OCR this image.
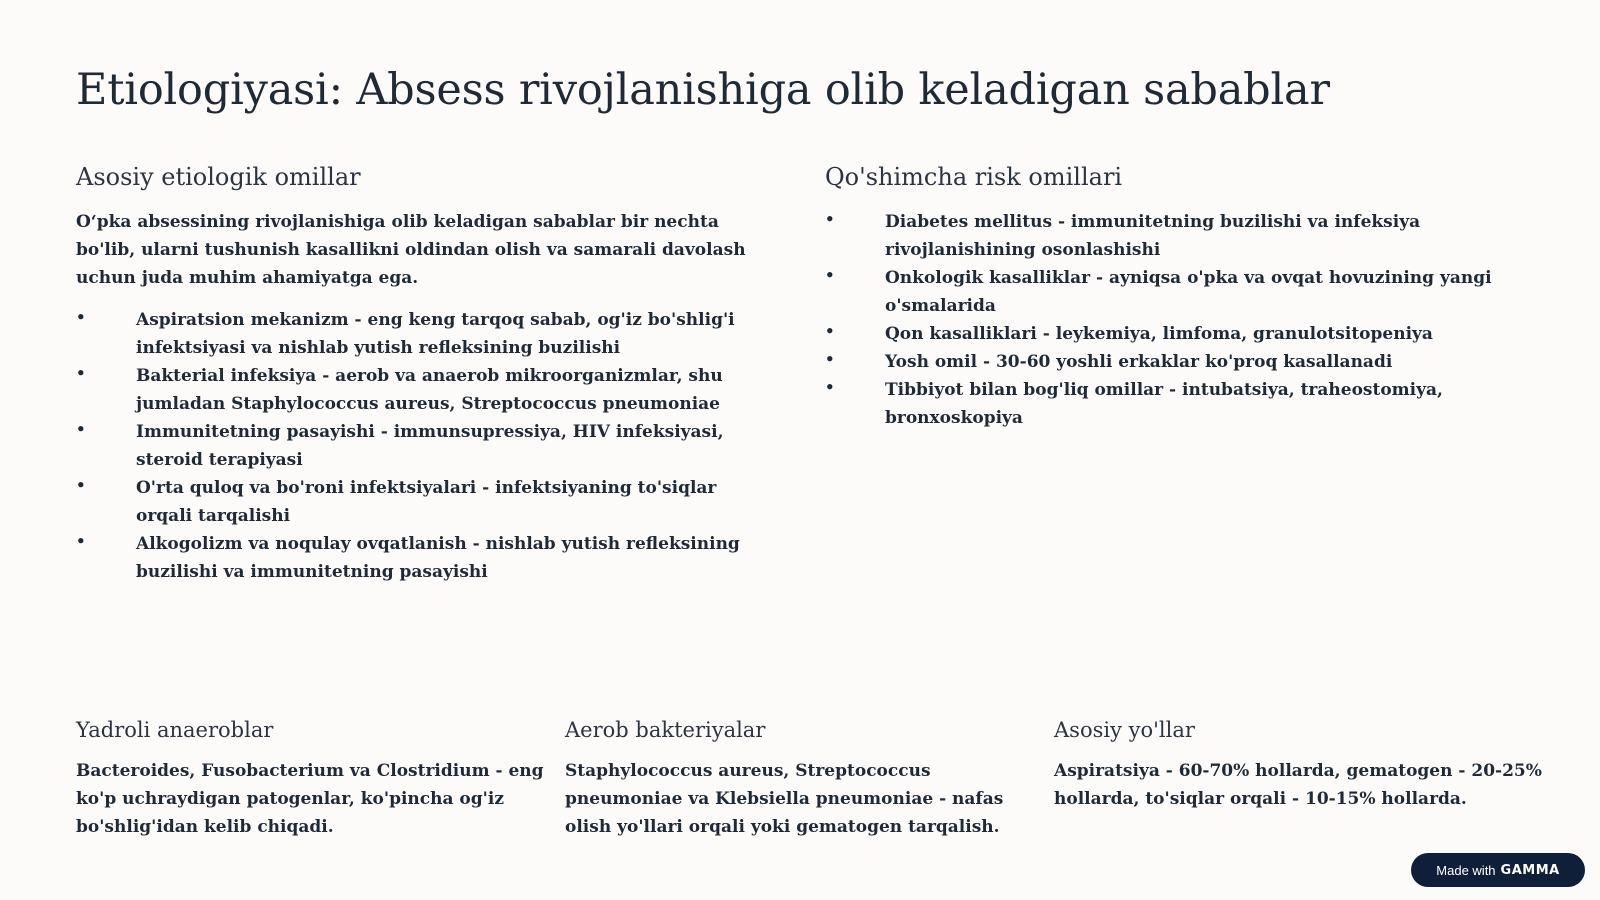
Etiologiyasi: Absess rivojlanishiga olib keladigan sabablar
Asosiy etiologik omillar

O‘pka absessining rivojlanishiga olib keladigan sabablar bir nechta bo'lib, ularni tushunish kasallikni oldindan olish va samarali davolash uchun juda muhim ahamiyatga ega.

•	Aspiratsion mekanizm - eng keng tarqoq sabab, og'iz bo'shlig'i infektsiyasi va nishlab yutish refleksining buzilishi
•	Bakterial infeksiya - aerob va anaerob mikroorganizmlar, shu jumladan Staphylococcus aureus, Streptococcus pneumoniae
•	Immunitetning pasayishi - immunsupressiya, HIV infeksiyasi, steroid terapiyasi
•	O'rta quloq va bo'roni infektsiyalari - infektsiyaning to'siqlar orqali tarqalishi
•	Alkogolizm va noqulay ovqatlanish - nishlab yutish refleksining buzilishi va immunitetning pasayishi
Qo'shimcha risk omillari
•	Diabetes mellitus - immunitetning buzilishi va infeksiya rivojlanishining osonlashishi
•	Onkologik kasalliklar - ayniqsa o'pka va ovqat hovuzining yangi o'smalarida
•	Qon kasalliklari - leykemiya, limfoma, granulotsitopeniya
•	Yosh omil - 30-60 yoshli erkaklar ko'proq kasallanadi
•	Tibbiyot bilan bog'liq omillar - intubatsiya, traheostomiya, bronxoskopiya
Yadroli anaeroblar

Bacteroides, Fusobacterium va Clostridium - eng ko'p uchraydigan patogenlar, ko'pincha og'iz bo'shlig'idan kelib chiqadi.

Aerob bakteriyalar

Staphylococcus aureus, Streptococcus pneumoniae va Klebsiella pneumoniae - nafas olish yo'llari orqali yoki gematogen tarqalish.

Asosiy yo'llar

Aspiratsiya - 60-70% hollarda, gematogen - 20-25% hollarda, to'siqlar orqali - 10-15% hollarda.

Made with GAMMA
